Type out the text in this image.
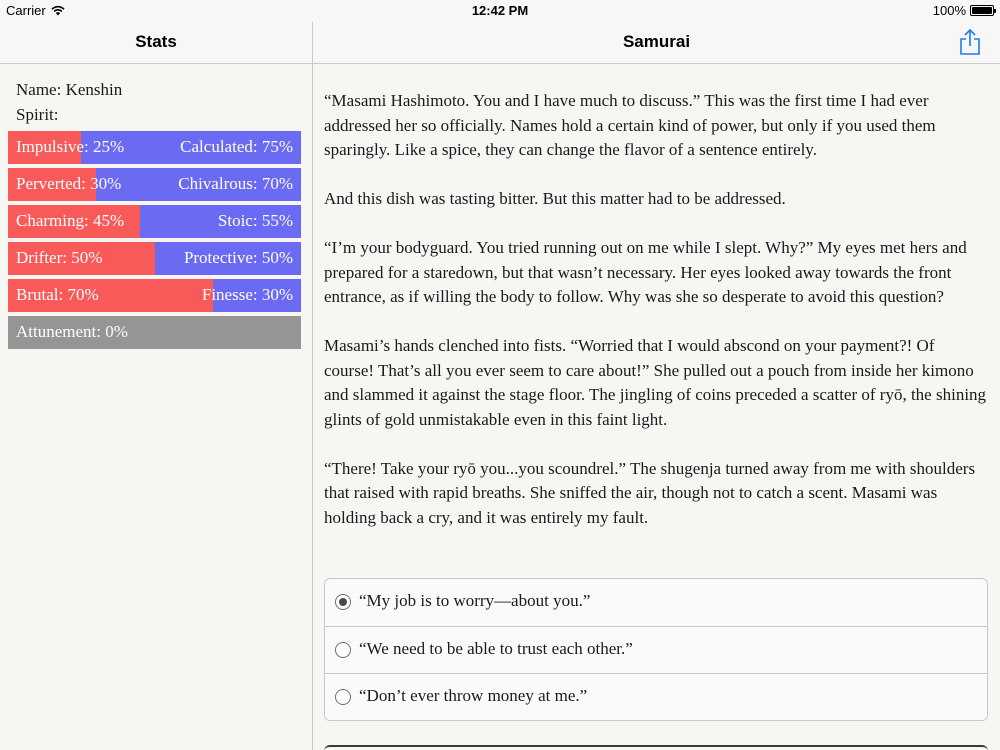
Carrier	12:42 PM	100%
Stats	Samurai
Name: Kenshin
Spirit:
Impulsive: 25%	Calculated: 75%
Perverted: 30%	Chivalrous: 70%
Charming: 45%	Stoic: 55%
Drifter: 50%	Protective: 50%
Brutal: 70%	Finesse: 30%
Attunement: 0%

“Masami Hashimoto. You and I have much to discuss.” This was the first time I had ever addressed her so officially. Names hold a certain kind of power, but only if you used them sparingly. Like a spice, they can change the flavor of a sentence entirely.

And this dish was tasting bitter. But this matter had to be addressed.

“I’m your bodyguard. You tried running out on me while I slept. Why?” My eyes met hers and prepared for a staredown, but that wasn’t necessary. Her eyes looked away towards the front entrance, as if willing the body to follow. Why was she so desperate to avoid this question?

Masami’s hands clenched into fists. “Worried that I would abscond on your payment?! Of course! That’s all you ever seem to care about!” She pulled out a pouch from inside her kimono and slammed it against the stage floor. The jingling of coins preceded a scatter of ryō, the shining glints of gold unmistakable even in this faint light.

“There! Take your ryō you...you scoundrel.” The shugenja turned away from me with shoulders that raised with rapid breaths. She sniffed the air, though not to catch a scent. Masami was holding back a cry, and it was entirely my fault.

“My job is to worry—about you.”
“We need to be able to trust each other.”
“Don’t ever throw money at me.”
